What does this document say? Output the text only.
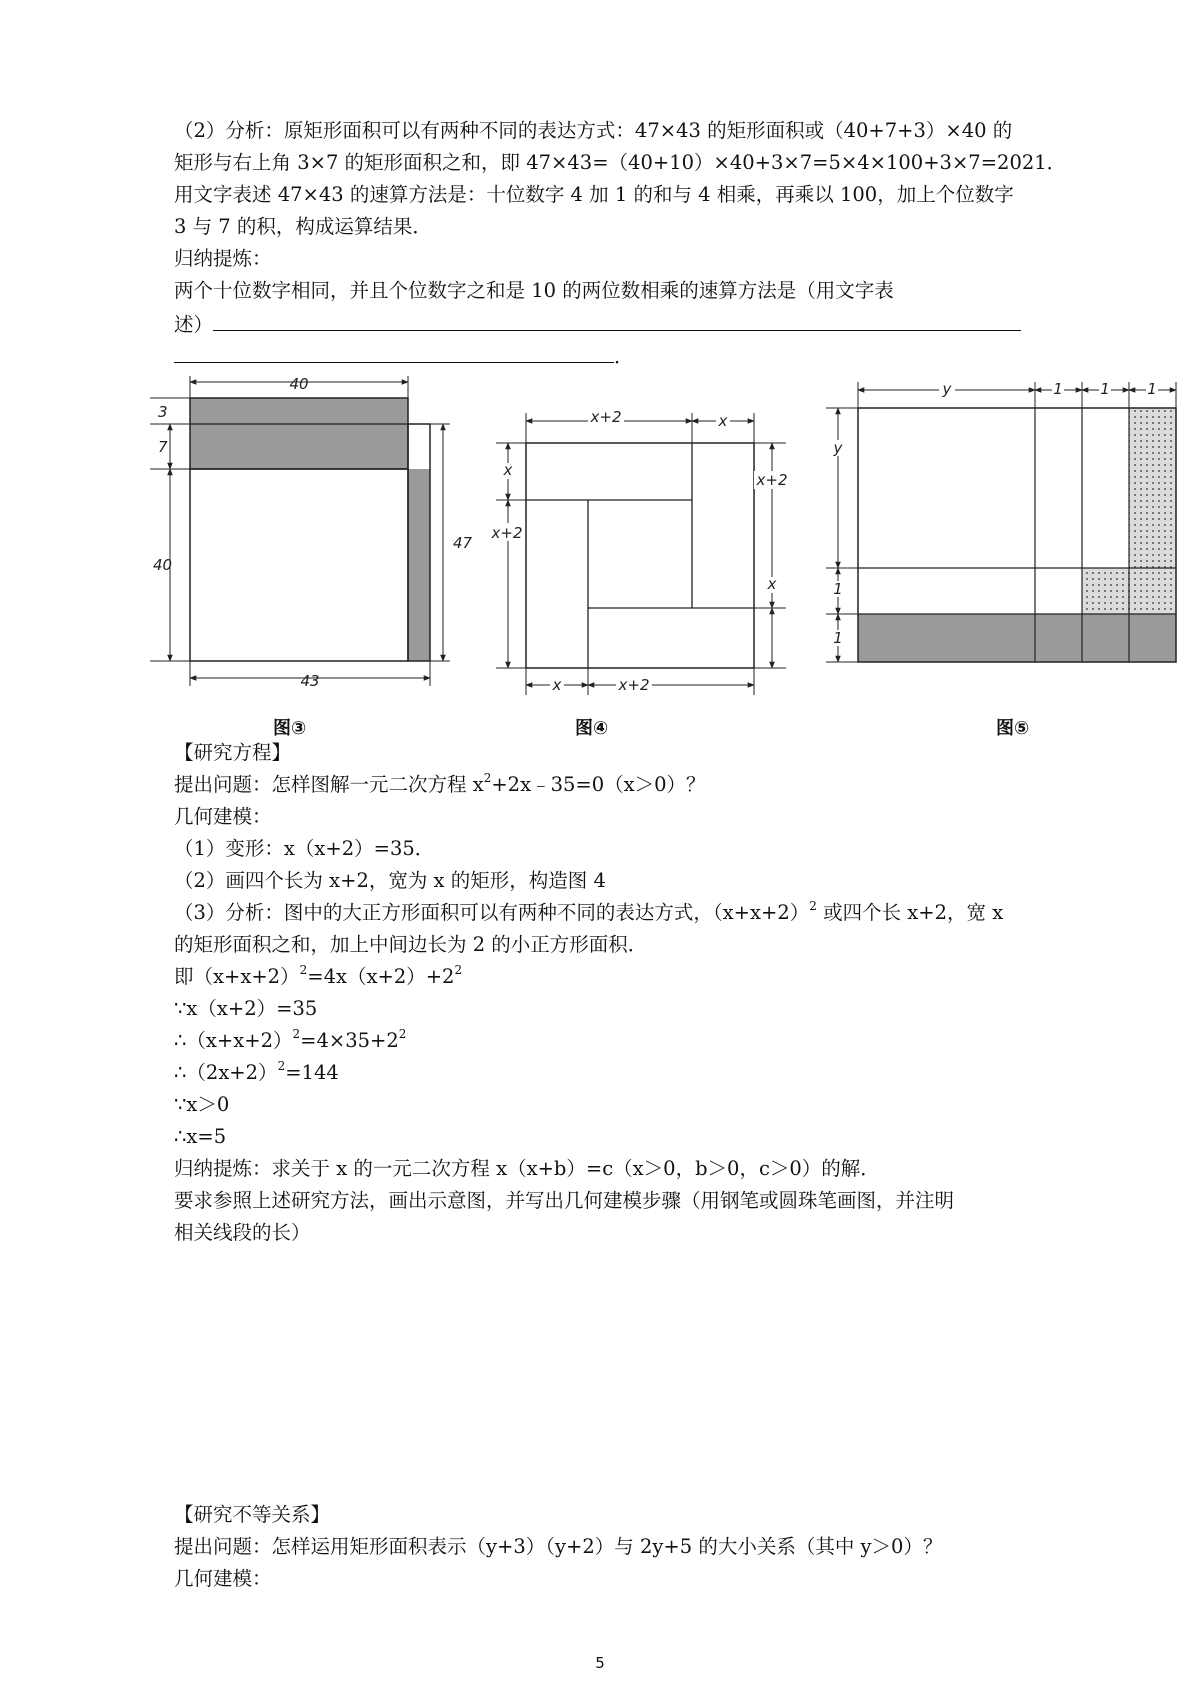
（2）分析：原矩形面积可以有两种不同的表达方式：47×43 的矩形面积或（40+7+3）×40 的
矩形与右上角 3×7 的矩形面积之和，即 47×43=（40+10）×40+3×7=5×4×100+3×7=2021．
用文字表述 47×43 的速算方法是：十位数字 4 加 1 的和与 4 相乘，再乘以 100，加上个位数字
3 与 7 的积，构成运算结果．
归纳提炼：
两个十位数字相同，并且个位数字之和是 10 的两位数相乘的速算方法是（用文字表
述）
．
40
3
7
40
47
43
图③
x+2	x
x
x+2
x+2
x
x	x+2
图④
y	1 1 1
y
1
1
图⑤
【研究方程】
提出问题：怎样图解一元二次方程 $x^2+2x﹣35=0(x>0)$？
几何建模：
（1）变形：x（x+2）=35．
（2）画四个长为 x+2，宽为 x 的矩形，构造图 4
（3）分析：图中的大正方形面积可以有两种不同的表达方式，$(x+x+2)^2$ 或四个长 x+2，宽 x
的矩形面积之和，加上中间边长为 2 的小正方形面积．
即$(x+x+2)^2=4x(x+2)+2^2$
∵x（x+2）=35
$\therefore(x+x+2)^2=4\times 35+2^2$
$\therefore(2x+2)^2=144$
∵x＞0
∴x=5
归纳提炼：求关于 x 的一元二次方程 x（x+b）=c（x＞0，b＞0，c＞0）的解．
要求参照上述研究方法，画出示意图，并写出几何建模步骤（用钢笔或圆珠笔画图，并注明
相关线段的长）
【研究不等关系】
提出问题：怎样运用矩形面积表示（y+3）（y+2）与 2y+5 的大小关系（其中 y＞0）？
几何建模：
5
